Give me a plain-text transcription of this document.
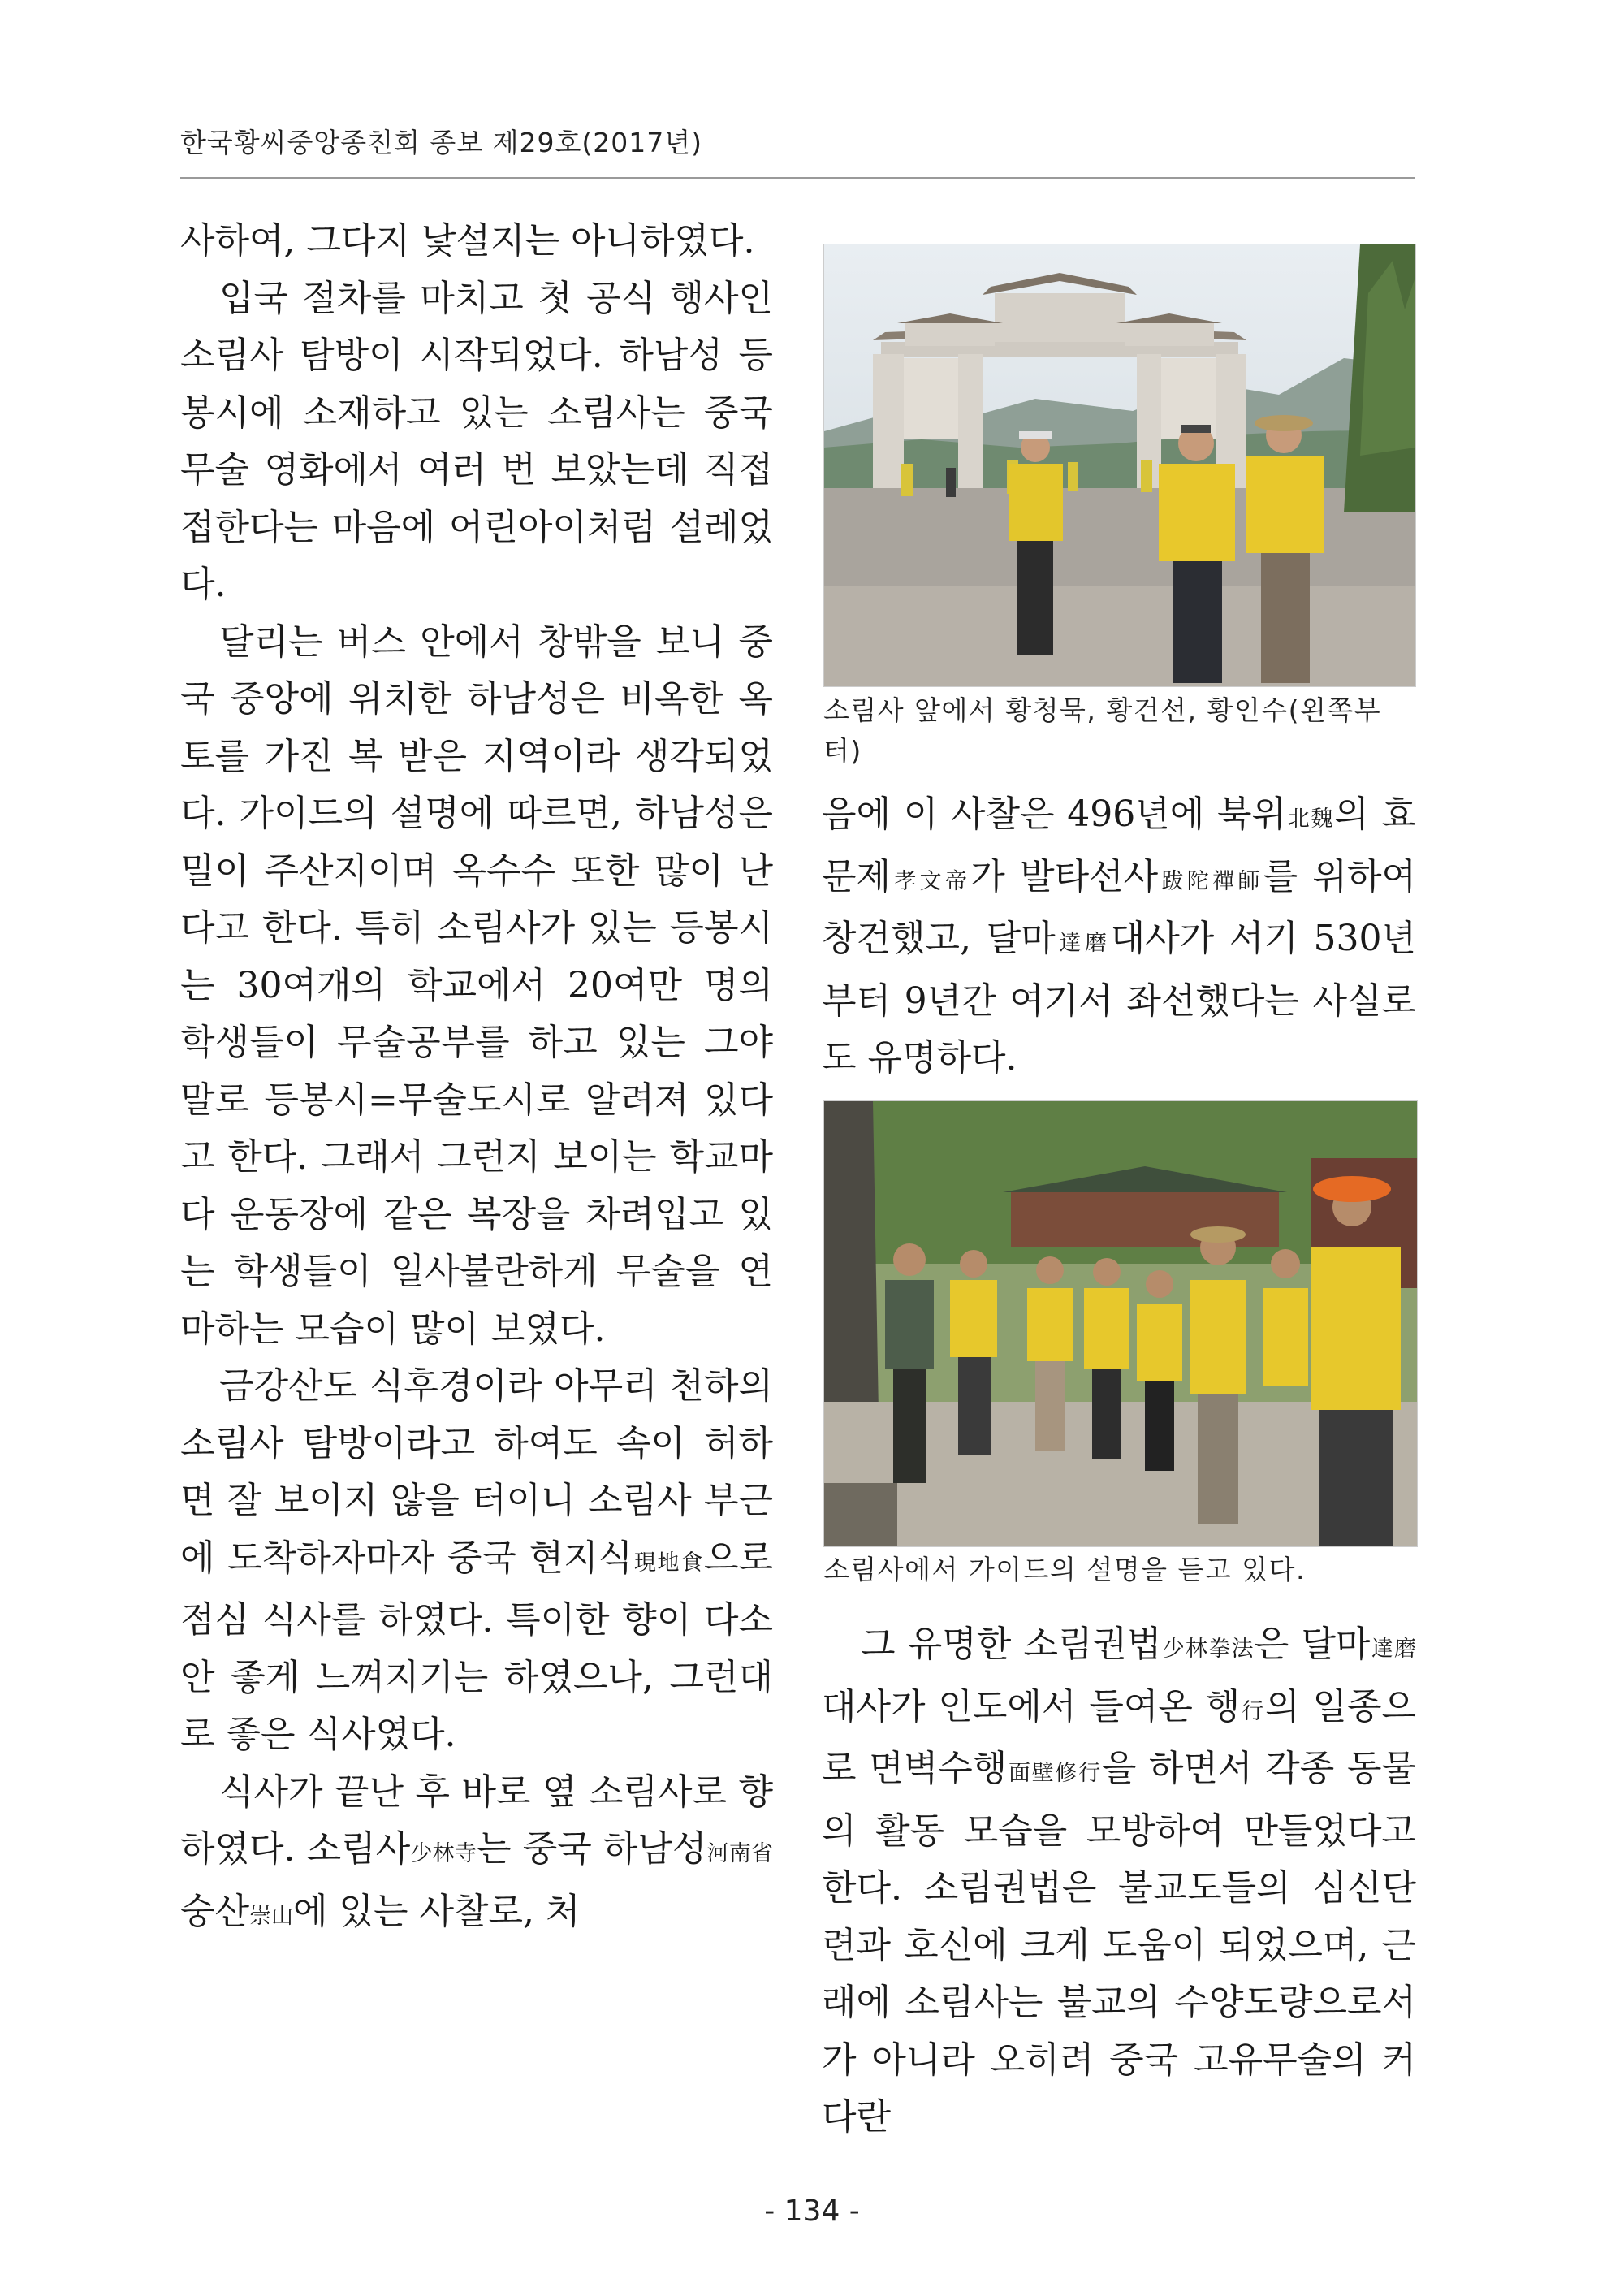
한국황씨중앙종친회 종보 제29호(2017년)

사하여, 그다지 낯설지는 아니하였다.

입국 절차를 마치고 첫 공식 행사인 소림사 탐방이 시작되었다. 하남성 등봉시에 소재하고 있는 소림사는 중국 무술 영화에서 여러 번 보았는데 직접 접한다는 마음에 어린아이처럼 설레었다.

달리는 버스 안에서 창밖을 보니 중국 중앙에 위치한 하남성은 비옥한 옥토를 가진 복 받은 지역이라 생각되었다. 가이드의 설명에 따르면, 하남성은 밀이 주산지이며 옥수수 또한 많이 난다고 한다. 특히 소림사가 있는 등봉시는 30여개의 학교에서 20여만 명의 학생들이 무술공부를 하고 있는 그야말로 등봉시=무술도시로 알려져 있다고 한다. 그래서 그런지 보이는 학교마다 운동장에 같은 복장을 차려입고 있는 학생들이 일사불란하게 무술을 연마하는 모습이 많이 보였다.

금강산도 식후경이라 아무리 천하의 소림사 탐방이라고 하여도 속이 허하면 잘 보이지 않을 터이니 소림사 부근에 도착하자마자 중국 현지식現地食으로 점심 식사를 하였다. 특이한 향이 다소 안 좋게 느껴지기는 하였으나, 그런대로 좋은 식사였다.

식사가 끝난 후 바로 옆 소림사로 향하였다. 소림사少林寺는 중국 하남성河南省 숭산崇山에 있는 사찰로, 처

소림사 앞에서 황청묵, 황건선, 황인수(왼쪽부터)

음에 이 사찰은 496년에 북위北魏의 효문제孝文帝가 발타선사跋陀禪師를 위하여 창건했고, 달마達磨대사가 서기 530년부터 9년간 여기서 좌선했다는 사실로도 유명하다.

소림사에서 가이드의 설명을 듣고 있다.

그 유명한 소림권법少林拳法은 달마達磨대사가 인도에서 들여온 행行의 일종으로 면벽수행面壁修行을 하면서 각종 동물의 활동 모습을 모방하여 만들었다고 한다. 소림권법은 불교도들의 심신단련과 호신에 크게 도움이 되었으며, 근래에 소림사는 불교의 수양도량으로서가 아니라 오히려 중국 고유무술의 커다란

- 134 -
